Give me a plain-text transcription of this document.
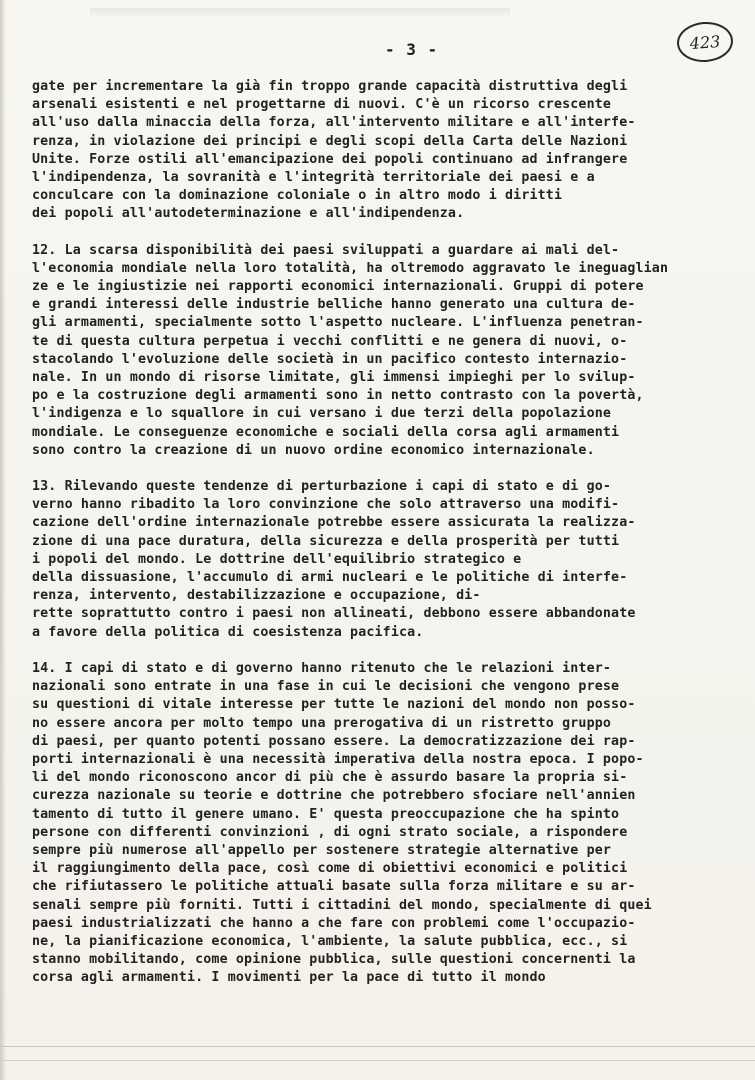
- 3 -	423
gate per incrementare la già fin troppo grande capacità distruttiva degli
arsenali esistenti e nel progettarne di nuovi. C'è un ricorso crescente
all'uso dalla minaccia della forza, all'intervento militare e all'interfe-
renza, in violazione dei principi e degli scopi della Carta delle Nazioni
Unite. Forze ostili all'emancipazione dei popoli continuano ad infrangere
l'indipendenza, la sovranità e l'integrità territoriale dei paesi e a
conculcare con la dominazione coloniale o in altro modo i diritti
dei popoli all'autodeterminazione e all'indipendenza.
12. La scarsa disponibilità dei paesi sviluppati a guardare ai mali del-
l'economia mondiale nella loro totalità, ha oltremodo aggravato le ineguaglian
ze e le ingiustizie nei rapporti economici internazionali. Gruppi di potere
e grandi interessi delle industrie belliche hanno generato una cultura de-
gli armamenti, specialmente sotto l'aspetto nucleare. L'influenza penetran-
te di questa cultura perpetua i vecchi conflitti e ne genera di nuovi, o-
stacolando l'evoluzione delle società in un pacifico contesto internazio-
nale. In un mondo di risorse limitate, gli immensi impieghi per lo svilup-
po e la costruzione degli armamenti sono in netto contrasto con la povertà,
l'indigenza e lo squallore in cui versano i due terzi della popolazione
mondiale. Le conseguenze economiche e sociali della corsa agli armamenti
sono contro la creazione di un nuovo ordine economico internazionale.
13. Rilevando queste tendenze di perturbazione i capi di stato e di go-
verno hanno ribadito la loro convinzione che solo attraverso una modifi-
cazione dell'ordine internazionale potrebbe essere assicurata la realizza-
zione di una pace duratura, della sicurezza e della prosperità per tutti
i popoli del mondo. Le dottrine dell'equilibrio strategico e
della dissuasione, l'accumulo di armi nucleari e le politiche di interfe-
renza, intervento, destabilizzazione e occupazione, di-
rette soprattutto contro i paesi non allineati, debbono essere abbandonate
a favore della politica di coesistenza pacifica.
14. I capi di stato e di governo hanno ritenuto che le relazioni inter-
nazionali sono entrate in una fase in cui le decisioni che vengono prese
su questioni di vitale interesse per tutte le nazioni del mondo non posso-
no essere ancora per molto tempo una prerogativa di un ristretto gruppo
di paesi, per quanto potenti possano essere. La democratizzazione dei rap-
porti internazionali è una necessità imperativa della nostra epoca. I popo-
li del mondo riconoscono ancor di più che è assurdo basare la propria si-
curezza nazionale su teorie e dottrine che potrebbero sfociare nell'annien
tamento di tutto il genere umano. E' questa preoccupazione che ha spinto
persone con differenti convinzioni , di ogni strato sociale, a rispondere
sempre più numerose all'appello per sostenere strategie alternative per
il raggiungimento della pace, così come di obiettivi economici e politici
che rifiutassero le politiche attuali basate sulla forza militare e su ar-
senali sempre più forniti. Tutti i cittadini del mondo, specialmente di quei
paesi industrializzati che hanno a che fare con problemi come l'occupazio-
ne, la pianificazione economica, l'ambiente, la salute pubblica, ecc., si
stanno mobilitando, come opinione pubblica, sulle questioni concernenti la
corsa agli armamenti. I movimenti per la pace di tutto il mondo
